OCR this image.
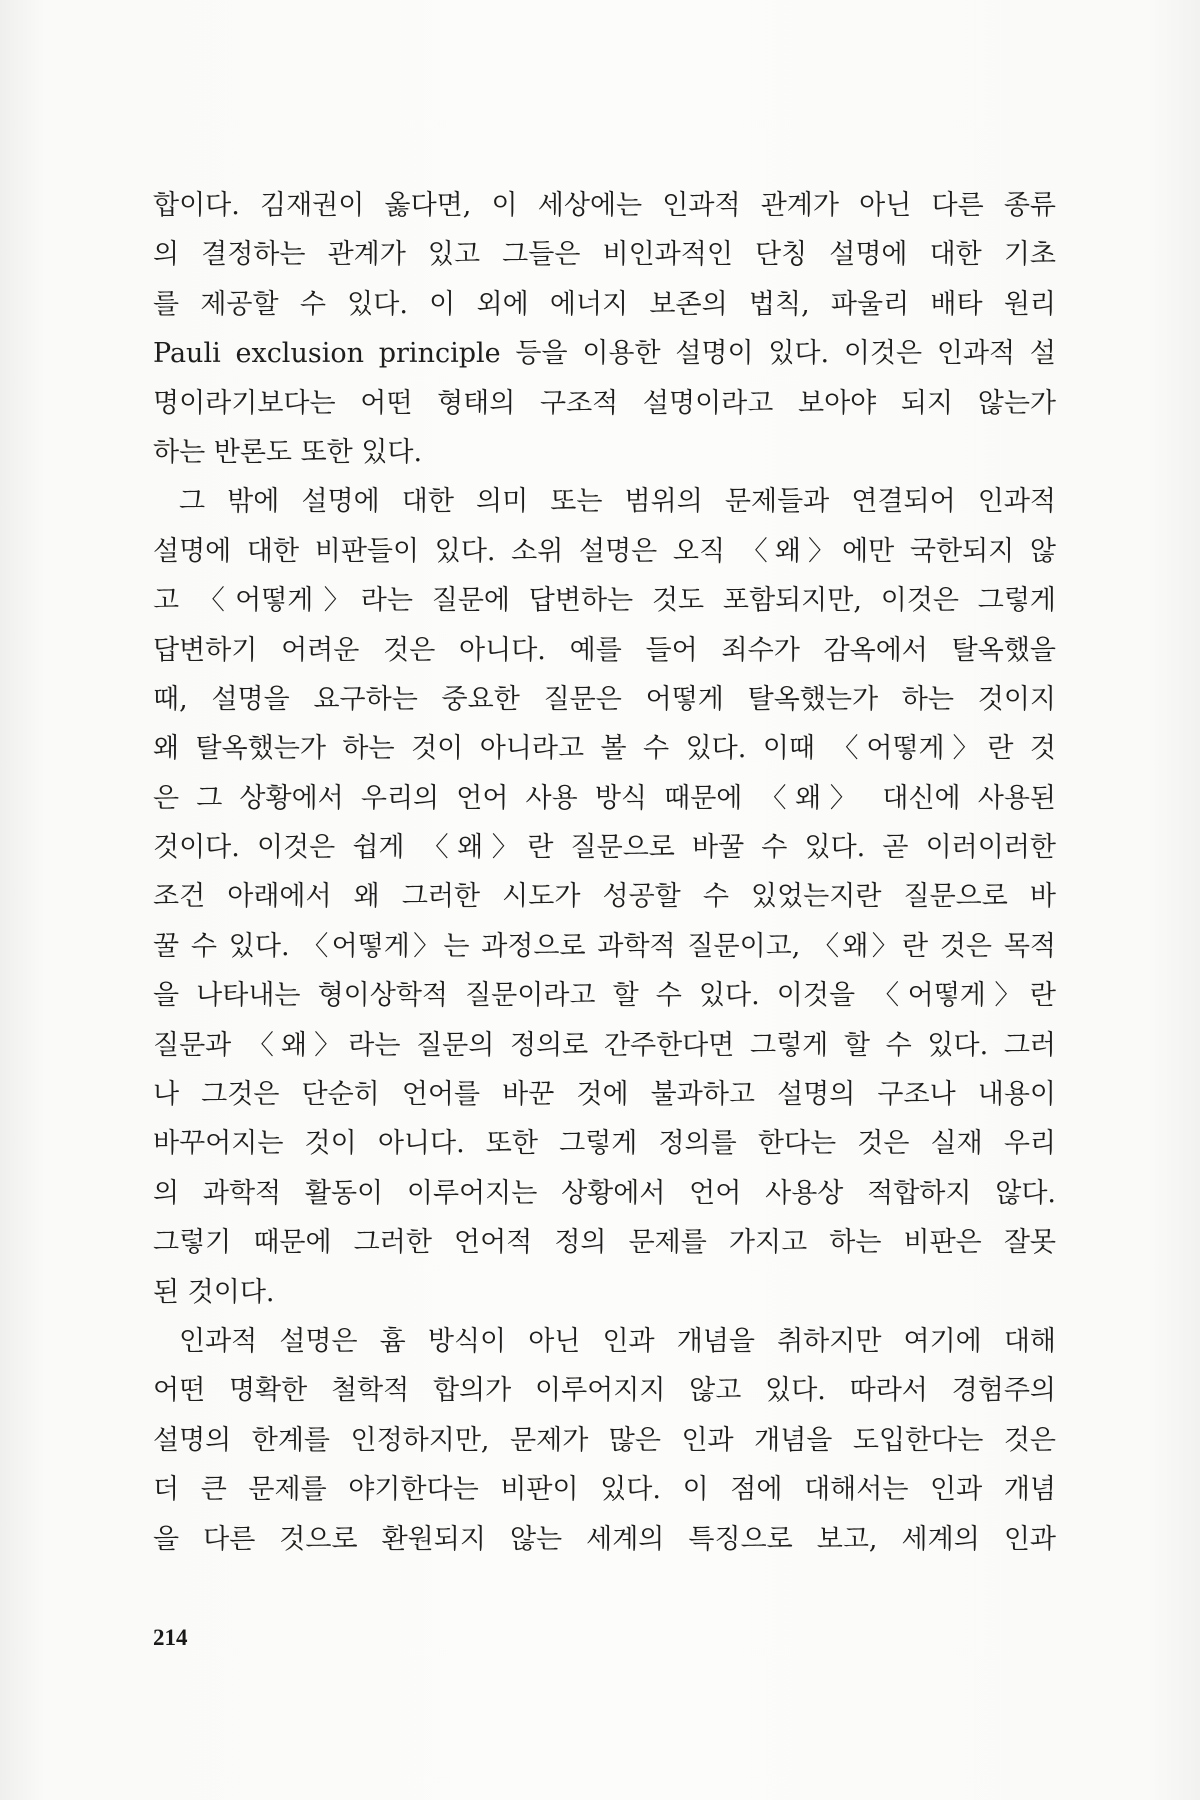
합이다. 김재권이 옳다면, 이 세상에는 인과적 관계가 아닌 다른 종류
의 결정하는 관계가 있고 그들은 비인과적인 단칭 설명에 대한 기초
를 제공할 수 있다. 이 외에 에너지 보존의 법칙, 파울리 배타 원리
Pauli exclusion principle 등을 이용한 설명이 있다. 이것은 인과적 설
명이라기보다는 어떤 형태의 구조적 설명이라고 보아야 되지 않는가
하는 반론도 또한 있다.
그 밖에 설명에 대한 의미 또는 범위의 문제들과 연결되어 인과적
설명에 대한 비판들이 있다. 소위 설명은 오직 〈왜〉에만 국한되지 않
고 〈어떻게〉라는 질문에 답변하는 것도 포함되지만, 이것은 그렇게
답변하기 어려운 것은 아니다. 예를 들어 죄수가 감옥에서 탈옥했을
때, 설명을 요구하는 중요한 질문은 어떻게 탈옥했는가 하는 것이지
왜 탈옥했는가 하는 것이 아니라고 볼 수 있다. 이때 〈어떻게〉란 것
은 그 상황에서 우리의 언어 사용 방식 때문에 〈왜〉 대신에 사용된
것이다. 이것은 쉽게 〈왜〉란 질문으로 바꿀 수 있다. 곧 이러이러한
조건 아래에서 왜 그러한 시도가 성공할 수 있었는지란 질문으로 바
꿀 수 있다. 〈어떻게〉는 과정으로 과학적 질문이고, 〈왜〉란 것은 목적
을 나타내는 형이상학적 질문이라고 할 수 있다. 이것을 〈어떻게〉란
질문과 〈왜〉라는 질문의 정의로 간주한다면 그렇게 할 수 있다. 그러
나 그것은 단순히 언어를 바꾼 것에 불과하고 설명의 구조나 내용이
바꾸어지는 것이 아니다. 또한 그렇게 정의를 한다는 것은 실재 우리
의 과학적 활동이 이루어지는 상황에서 언어 사용상 적합하지 않다.
그렇기 때문에 그러한 언어적 정의 문제를 가지고 하는 비판은 잘못
된 것이다.
인과적 설명은 흄 방식이 아닌 인과 개념을 취하지만 여기에 대해
어떤 명확한 철학적 합의가 이루어지지 않고 있다. 따라서 경험주의
설명의 한계를 인정하지만, 문제가 많은 인과 개념을 도입한다는 것은
더 큰 문제를 야기한다는 비판이 있다. 이 점에 대해서는 인과 개념
을 다른 것으로 환원되지 않는 세계의 특징으로 보고, 세계의 인과
214
